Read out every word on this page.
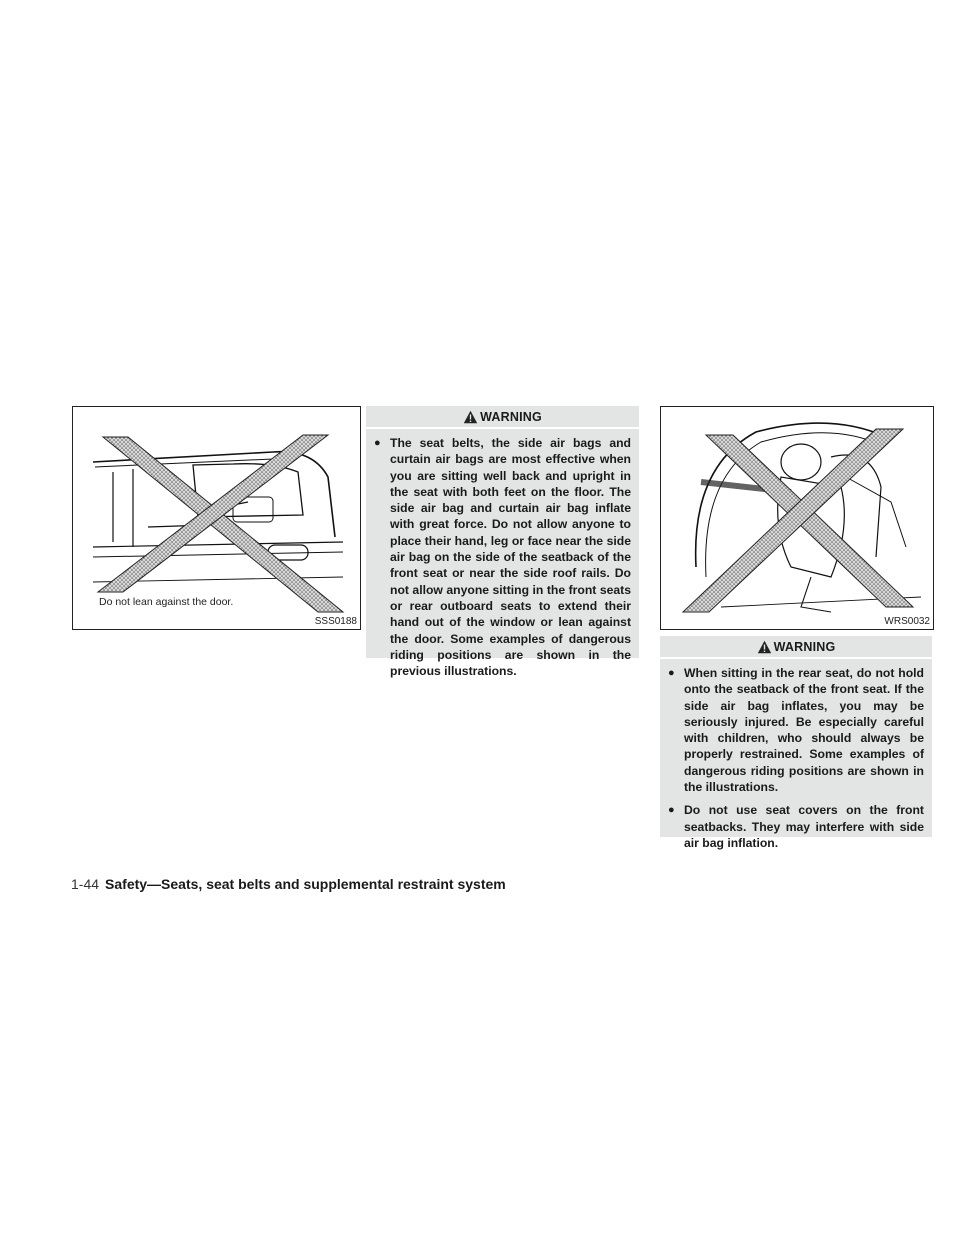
Do not lean against the door.
SSS0188
WARNING
● The seat belts, the side air bags and curtain air bags are most effective when you are sitting well back and upright in the seat with both feet on the floor. The side air bag and curtain air bag inflate with great force. Do not allow anyone to place their hand, leg or face near the side air bag on the side of the seatback of the front seat or near the side roof rails. Do not allow anyone sitting in the front seats or rear outboard seats to extend their hand out of the window or lean against the door. Some examples of dangerous riding positions are shown in the previous illustrations.
WRS0032
WARNING
● When sitting in the rear seat, do not hold onto the seatback of the front seat. If the side air bag inflates, you may be seriously injured. Be especially careful with children, who should always be properly restrained. Some examples of dangerous riding positions are shown in the illustrations.
● Do not use seat covers on the front seatbacks. They may interfere with side air bag inflation.
1-44 Safety—Seats, seat belts and supplemental restraint system
